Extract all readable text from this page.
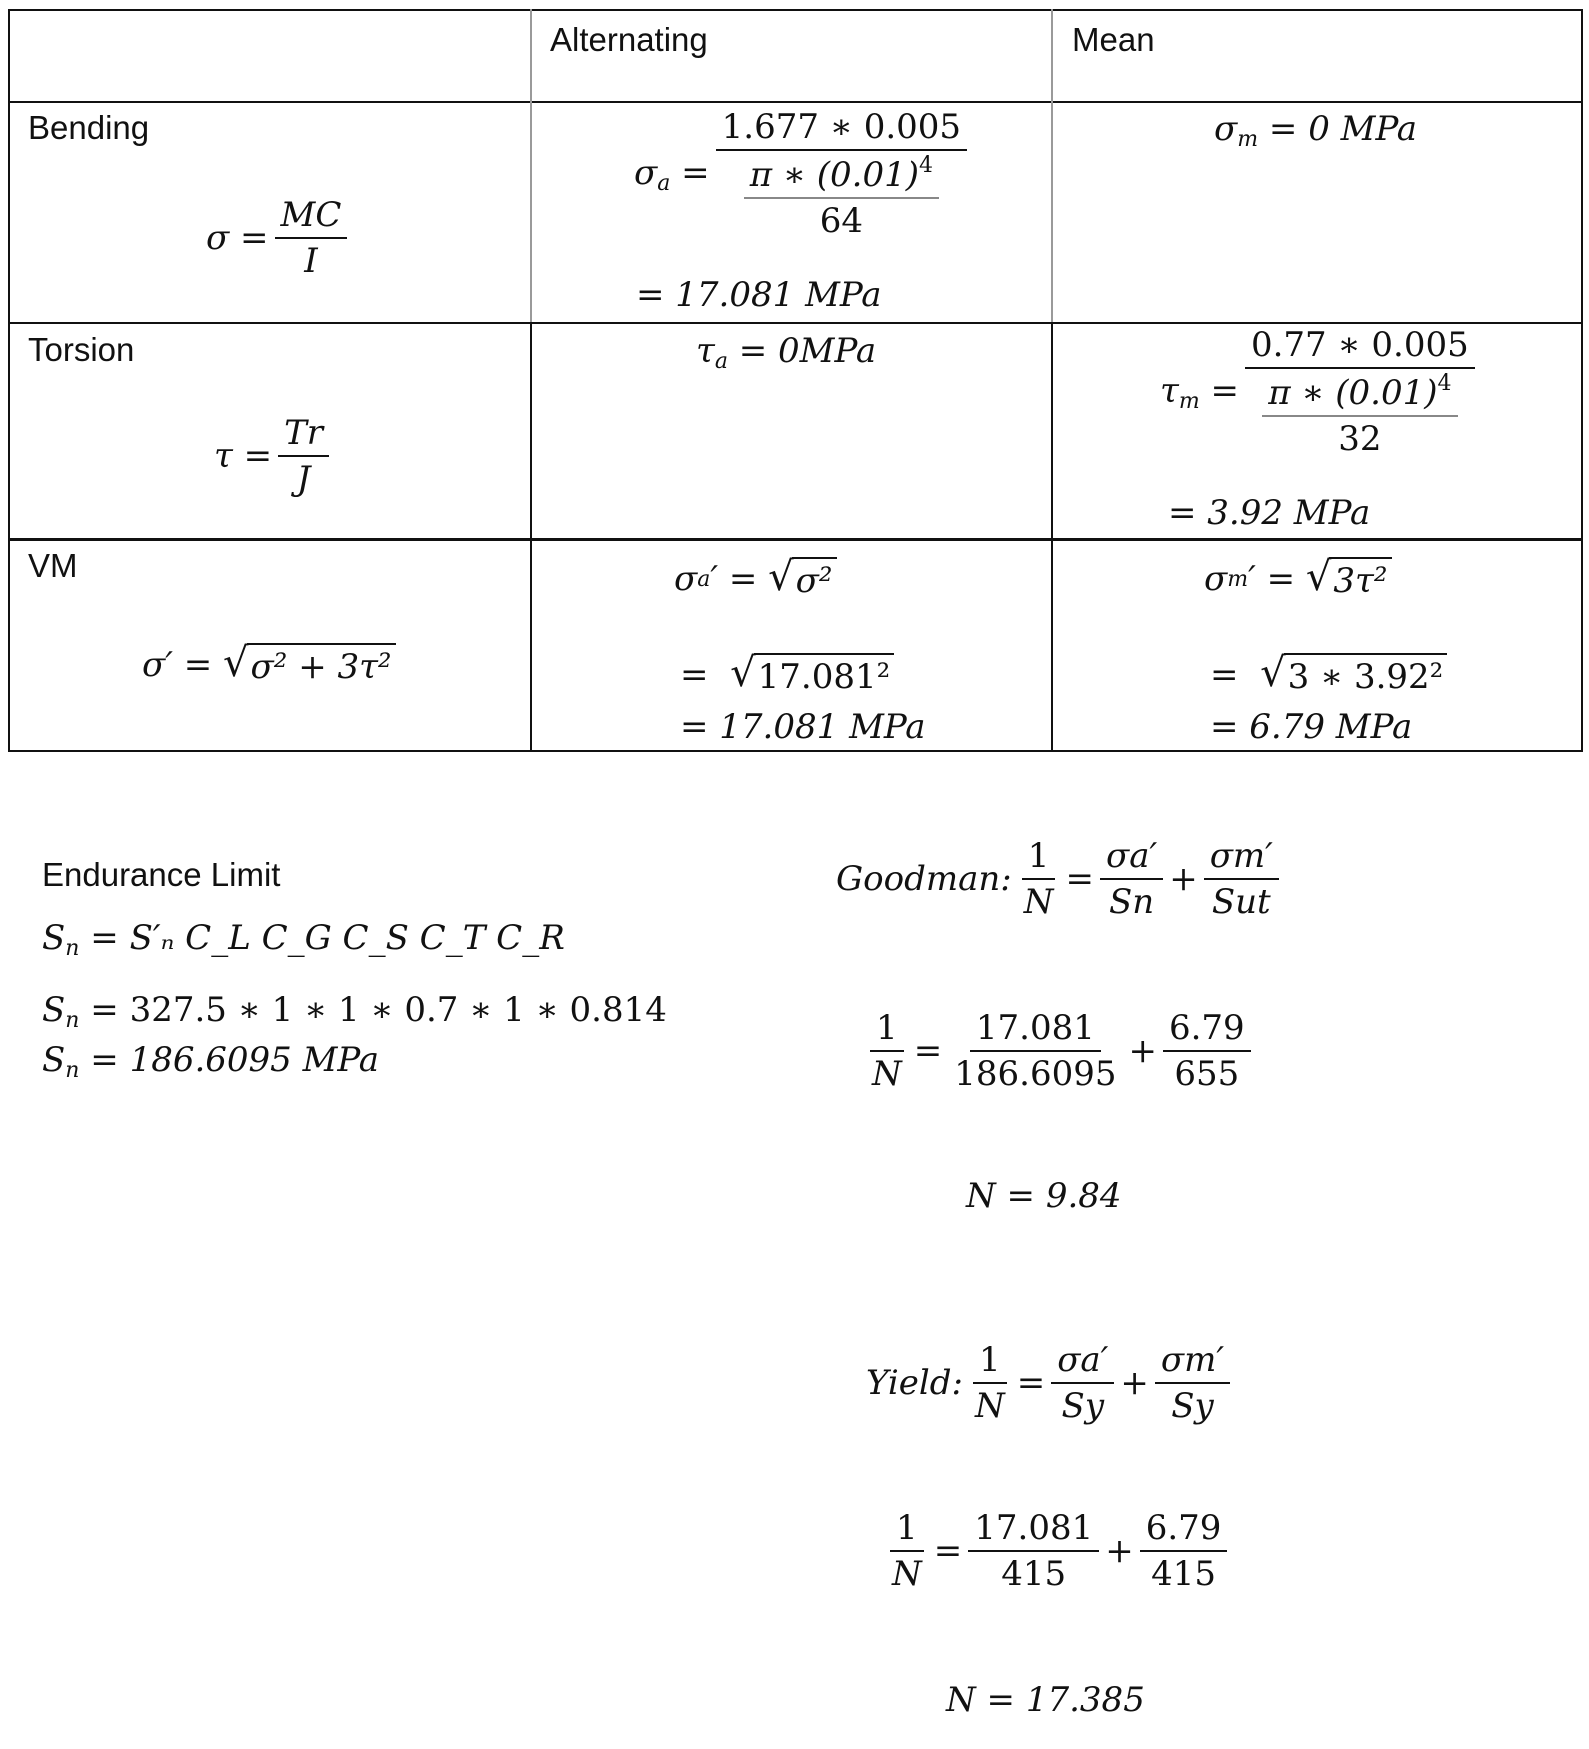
Alternating	Mean
Bending
$\sigma = \frac{MC}{I}$
$\sigma_a = \frac{1.677 ∗ 0.005}{\frac{\pi ∗ (0.01)^4}{64}}$
= 17.081 MPa
$\sigma_m = 0$ MPa
Torsion
$\tau = \frac{Tr}{J}$
$\tau_a = 0MPa$
$\tau_m = \frac{0.77 ∗ 0.005}{\frac{\pi ∗ (0.01)^4}{32}}$
= 3.92 MPa
VM
σ′ =
√ σ² + 3τ²
σ a ′ =
√ σ²
=
√ 17.081²
= 17.081 MPa
σ m ′ =
√ 3τ²
=
√ 3 ∗ 3.92²
= 6.79 MPa
Endurance Limit
$S_n = S'_n$ C_L C_G C_S C_T C_R
$S_n = 327.5$ ∗ 1 ∗ 1 ∗ 0.7 ∗ 1 ∗ 0.814
$S_n = 186.6095$ MPa
Goodman: $\frac{1}{N} = \frac{\sigma a'}{Sn} + \frac{\sigma m'}{\text{Sut}}$
$\frac{1}{N} = \frac{17.081}{186.6095} + \frac{6.79}{655}$
N = 9.84
Yield: $\frac{1}{N} = \frac{\sigma a'}{Sy} + \frac{\sigma m'}{Sy}$
$\frac{1}{N} = \frac{17.081}{415} + \frac{6.79}{415}$
N = 17.385
